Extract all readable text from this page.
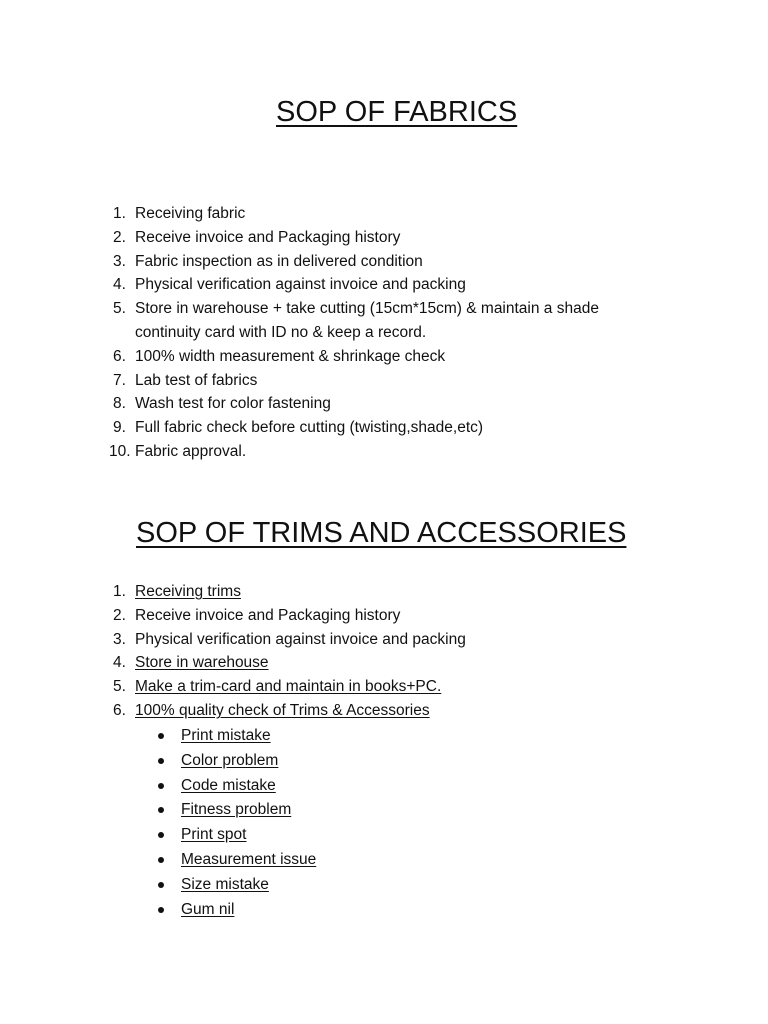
SOP OF FABRICS
1. Receiving fabric
2. Receive invoice and Packaging history
3. Fabric inspection as in delivered condition
4. Physical verification against invoice and packing
5. Store in warehouse + take cutting (15cm*15cm) & maintain a shade continuity card with ID no & keep a record.
6. 100% width measurement & shrinkage check
7. Lab test of fabrics
8. Wash test for color fastening
9. Full fabric check before cutting (twisting,shade,etc)
10. Fabric approval.
SOP OF TRIMS AND ACCESSORIES
1. Receiving trims
2. Receive invoice and Packaging history
3. Physical verification against invoice and packing
4. Store in warehouse
5. Make a trim-card and maintain in books+PC.
6. 100% quality check of Trims & Accessories
Print mistake
Color problem
Code mistake
Fitness problem
Print spot
Measurement issue
Size mistake
Gum nil
